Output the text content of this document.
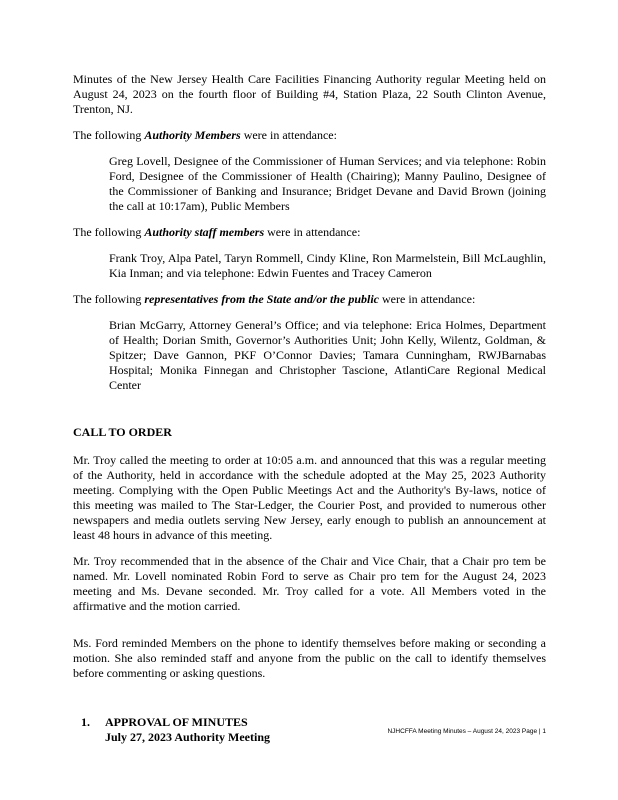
Minutes of the New Jersey Health Care Facilities Financing Authority regular Meeting held on August 24, 2023 on the fourth floor of Building #4, Station Plaza, 22 South Clinton Avenue, Trenton, NJ.

The following Authority Members were in attendance:

Greg Lovell, Designee of the Commissioner of Human Services; and via telephone: Robin Ford, Designee of the Commissioner of Health (Chairing); Manny Paulino, Designee of the Commissioner of Banking and Insurance; Bridget Devane and David Brown (joining the call at 10:17am), Public Members

The following Authority staff members were in attendance:

Frank Troy, Alpa Patel, Taryn Rommell, Cindy Kline, Ron Marmelstein, Bill McLaughlin, Kia Inman; and via telephone: Edwin Fuentes and Tracey Cameron

The following representatives from the State and/or the public were in attendance:

Brian McGarry, Attorney General’s Office; and via telephone: Erica Holmes, Department of Health; Dorian Smith, Governor’s Authorities Unit; John Kelly, Wilentz, Goldman, & Spitzer; Dave Gannon, PKF O’Connor Davies; Tamara Cunningham, RWJBarnabas Hospital; Monika Finnegan and Christopher Tascione, AtlantiCare Regional Medical Center

CALL TO ORDER

Mr. Troy called the meeting to order at 10:05 a.m. and announced that this was a regular meeting of the Authority, held in accordance with the schedule adopted at the May 25, 2023 Authority meeting. Complying with the Open Public Meetings Act and the Authority's By-laws, notice of this meeting was mailed to The Star-Ledger, the Courier Post, and provided to numerous other newspapers and media outlets serving New Jersey, early enough to publish an announcement at least 48 hours in advance of this meeting.

Mr. Troy recommended that in the absence of the Chair and Vice Chair, that a Chair pro tem be named. Mr. Lovell nominated Robin Ford to serve as Chair pro tem for the August 24, 2023 meeting and Ms. Devane seconded. Mr. Troy called for a vote. All Members voted in the affirmative and the motion carried.

Ms. Ford reminded Members on the phone to identify themselves before making or seconding a motion. She also reminded staff and anyone from the public on the call to identify themselves before commenting or asking questions.

1. APPROVAL OF MINUTES
July 27, 2023 Authority Meeting	NJHCFFA Meeting Minutes – August 24, 2023 Page | 1
